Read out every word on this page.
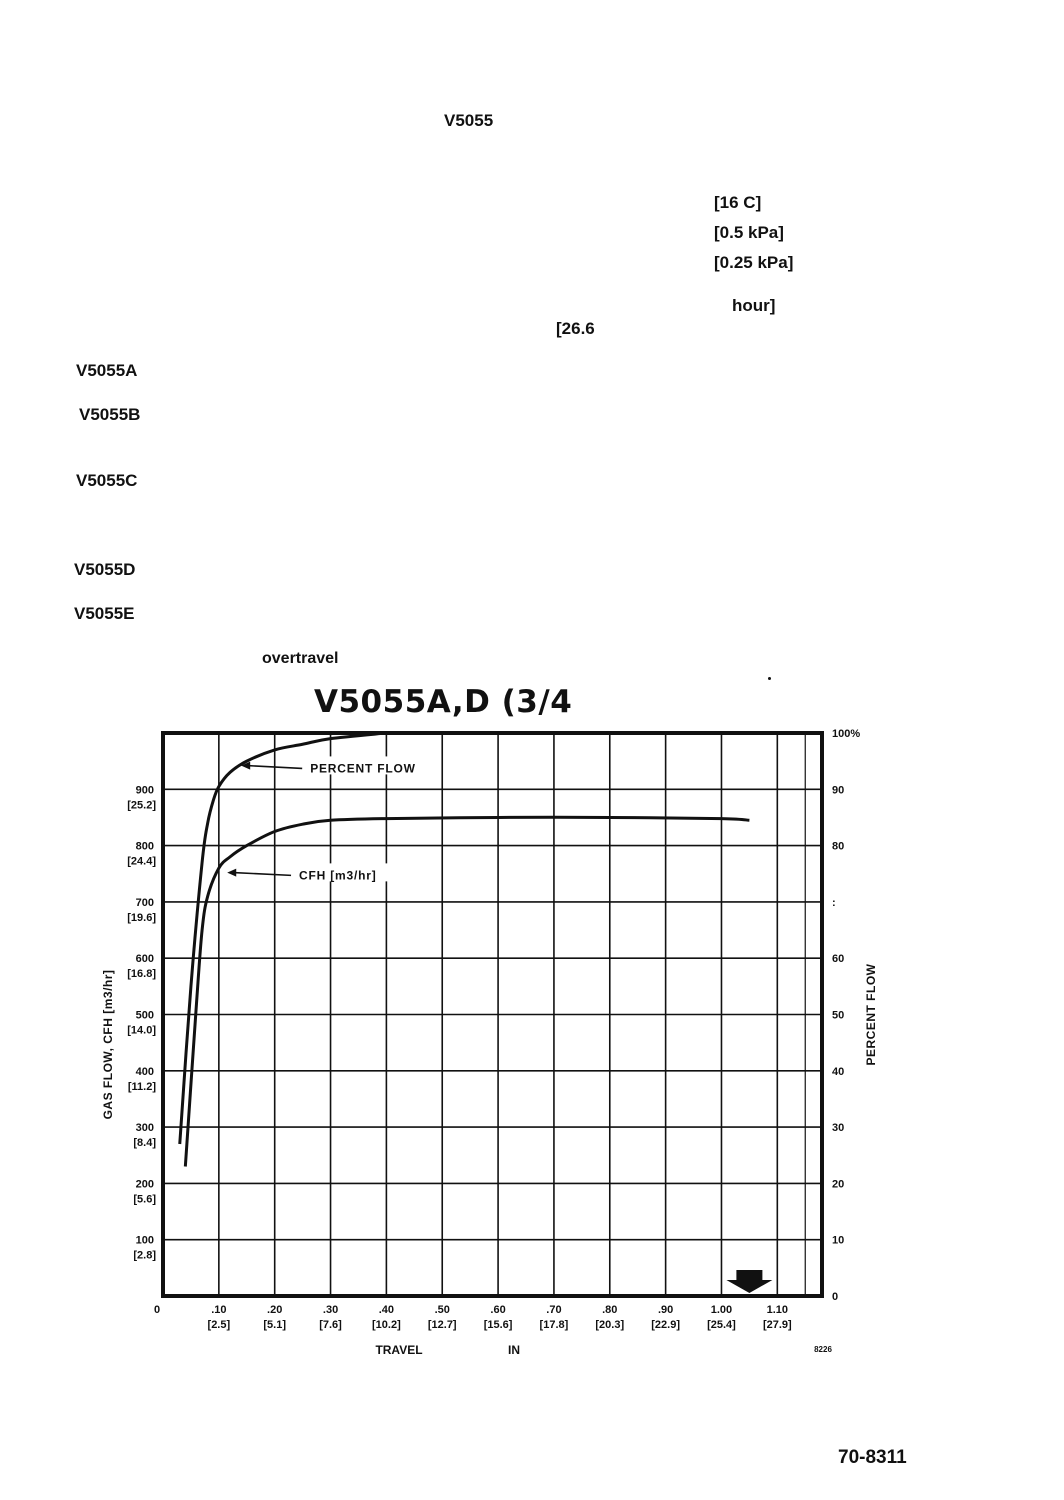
V5055
[16 C]
[0.5 kPa]
[0.25 kPa]
hour]
[26.6
V5055A
V5055B
V5055C
V5055D
V5055E
overtravel
V5055A,D (3/4
0	.10
[2.5]
.20
[5.1]
.30
[7.6]
.40
[10.2]
.50
[12.7]
.60
[15.6]
.70
[17.8]
.80
[20.3]
.90
[22.9]
1.00
[25.4]
1.10
[27.9]
900
[25.2]
800
[24.4]
700
[19.6]
600
[16.8]
500
[14.0]
400
[11.2]
300
[8.4]
200
[5.6]
100
[2.8]
100%
90
80
:
60
50
40
30
20
10
0
GAS FLOW, CFH [m3/hr]	PERCENT FLOW
TRAVEL	IN	8226
PERCENT FLOW
CFH [m3/hr]
70-8311
